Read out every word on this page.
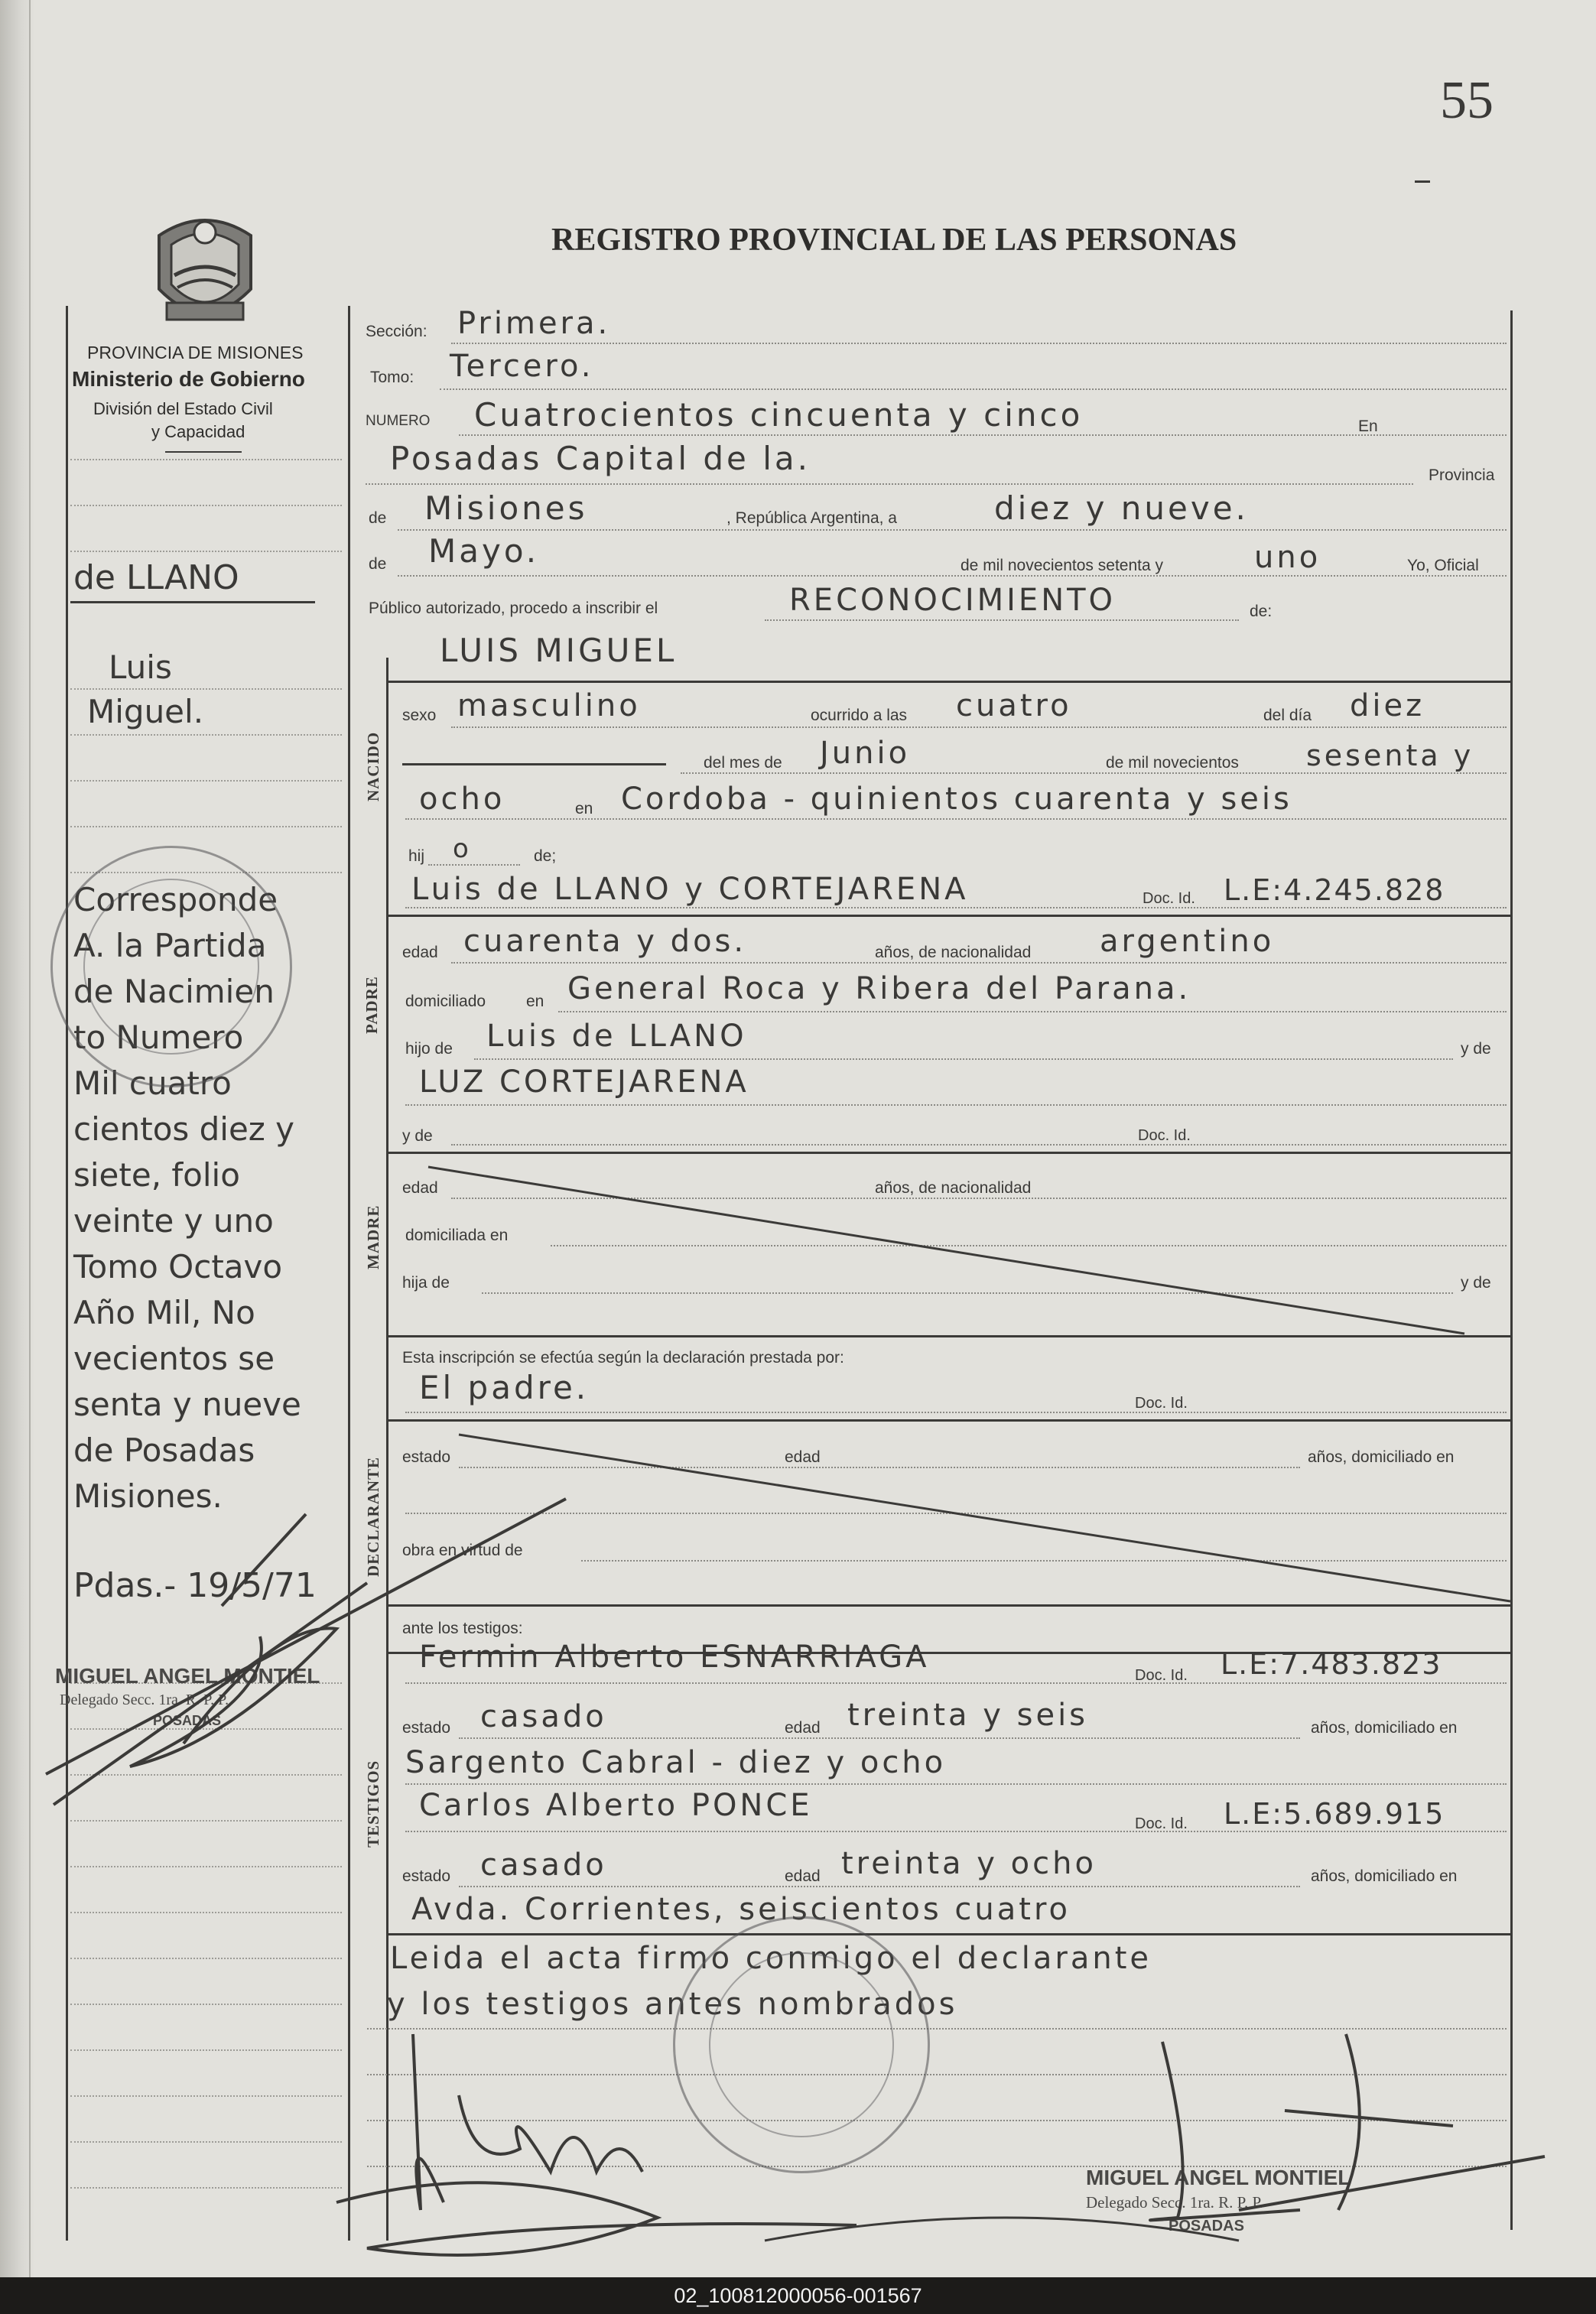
55
REGISTRO PROVINCIAL DE LAS PERSONAS
PROVINCIA DE MISIONES
Ministerio de Gobierno
División del Estado Civil
y Capacidad
Sección: Primera.
Tomo: Tercero.
NUMERO Cuatrocientos cincuenta y cinco	En
Posadas Capital de la.	Provincia
de Misiones	, República Argentina, a	diez y nueve.
de Mayo.	de mil novecientos setenta y	uno	Yo, Oficial
Público autorizado, procedo a inscribir el	RECONOCIMIENTO	de:
LUIS MIGUEL
NACIDO
sexo masculino	ocurrido a las cuatro	del día diez
del mes de Junio	de mil novecientos sesenta y
ocho	en Cordoba - quinientos cuarenta y seis
hij o	de;
Luis de LLANO y CORTEJARENA	Doc. Id. L.E:4.245.828
PADRE
edad cuarenta y dos.	años, de nacionalidad argentino
domiciliado	en General Roca y Ribera del Parana.
hijo de Luis de LLANO	y de
LUZ CORTEJARENA
y de	Doc. Id.
MADRE
edad	años, de nacionalidad
domiciliada en
hija de	y de
Esta inscripción se efectúa según la declaración prestada por:
El padre.	Doc. Id.
DECLARANTE estado	edad	años, domiciliado en
obra en virtud de
ante los testigos:
TESTIGOS
Fermin Alberto ESNARRIAGA
Doc. Id. L.E:7.483.823
estado casado	edad treinta y seis	años, domiciliado en
Sargento Cabral - diez y ocho
Carlos Alberto PONCE
Doc. Id. L.E:5.689.915
estado casado	edad treinta y ocho	años, domiciliado en
Avda. Corrientes, seiscientos cuatro
Leida el acta firmo conmigo el declarante
y los testigos antes nombrados
de LLANO
Luis
Miguel.
Corresponde
A. la Partida
de Nacimien
to Numero
Mil cuatro
cientos diez y
siete, folio
veinte y uno
Tomo Octavo
Año Mil, No
vecientos se
senta y nueve
de Posadas
Misiones.
Pdas.- 19/5/71
MIGUEL ANGEL MONTIEL
Delegado Secc. 1ra. R. P. P.
POSADAS
MIGUEL ANGEL MONTIEL
Delegado Secc. 1ra. R. P. P.
POSADAS
02_100812000056-001567
